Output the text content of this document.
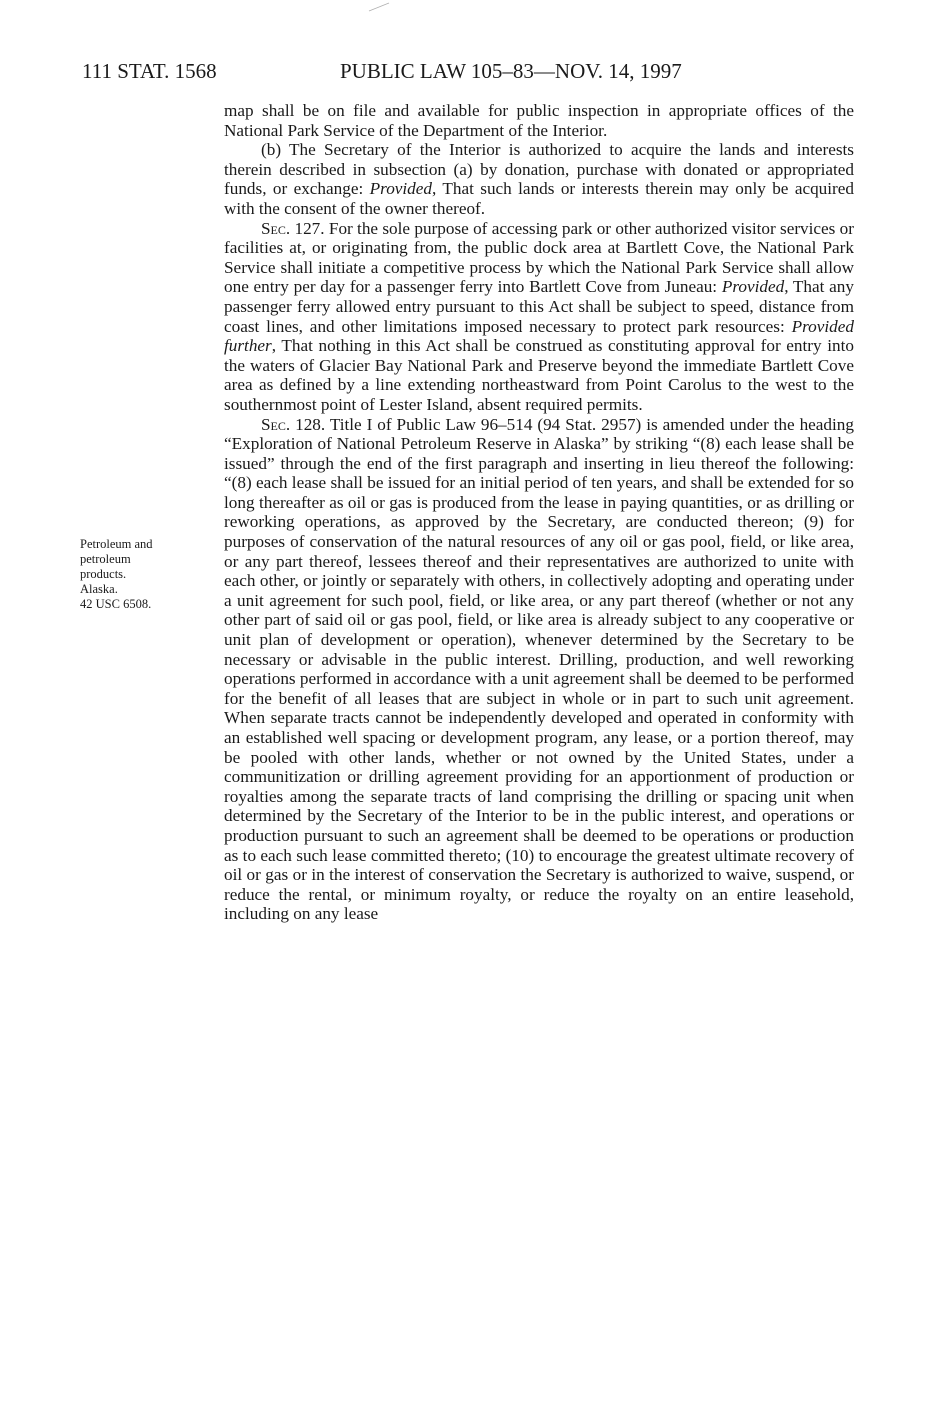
111 STAT. 1568	PUBLIC LAW 105–83—NOV. 14, 1997
Petroleum and
petroleum
products.
Alaska.
42 USC 6508.

map shall be on file and available for public inspection in appropriate offices of the National Park Service of the Department of the Interior.

(b) The Secretary of the Interior is authorized to acquire the lands and interests therein described in subsection (a) by donation, purchase with donated or appropriated funds, or exchange: Provided, That such lands or interests therein may only be acquired with the consent of the owner thereof.

Sec. 127. For the sole purpose of accessing park or other authorized visitor services or facilities at, or originating from, the public dock area at Bartlett Cove, the National Park Service shall initiate a competitive process by which the National Park Service shall allow one entry per day for a passenger ferry into Bartlett Cove from Juneau: Provided, That any passenger ferry allowed entry pursuant to this Act shall be subject to speed, distance from coast lines, and other limitations imposed necessary to protect park resources: Provided further, That nothing in this Act shall be construed as constituting approval for entry into the waters of Glacier Bay National Park and Preserve beyond the immediate Bartlett Cove area as defined by a line extending northeastward from Point Carolus to the west to the southernmost point of Lester Island, absent required permits.

Sec. 128. Title I of Public Law 96–514 (94 Stat. 2957) is amended under the heading “Exploration of National Petroleum Reserve in Alaska” by striking “(8) each lease shall be issued” through the end of the first paragraph and inserting in lieu thereof the following: “(8) each lease shall be issued for an initial period of ten years, and shall be extended for so long thereafter as oil or gas is produced from the lease in paying quantities, or as drilling or reworking operations, as approved by the Secretary, are conducted thereon; (9) for purposes of conservation of the natural resources of any oil or gas pool, field, or like area, or any part thereof, lessees thereof and their representatives are authorized to unite with each other, or jointly or separately with others, in collectively adopting and operating under a unit agreement for such pool, field, or like area, or any part thereof (whether or not any other part of said oil or gas pool, field, or like area is already subject to any cooperative or unit plan of development or operation), whenever determined by the Secretary to be necessary or advisable in the public interest. Drilling, production, and well reworking operations performed in accordance with a unit agreement shall be deemed to be performed for the benefit of all leases that are subject in whole or in part to such unit agreement. When separate tracts cannot be independently developed and operated in conformity with an established well spacing or development program, any lease, or a portion thereof, may be pooled with other lands, whether or not owned by the United States, under a communitization or drilling agreement providing for an apportionment of production or royalties among the separate tracts of land comprising the drilling or spacing unit when determined by the Secretary of the Interior to be in the public interest, and operations or production pursuant to such an agreement shall be deemed to be operations or production as to each such lease committed thereto; (10) to encourage the greatest ultimate recovery of oil or gas or in the interest of conservation the Secretary is authorized to waive, suspend, or reduce the rental, or minimum royalty, or reduce the royalty on an entire leasehold, including on any lease
